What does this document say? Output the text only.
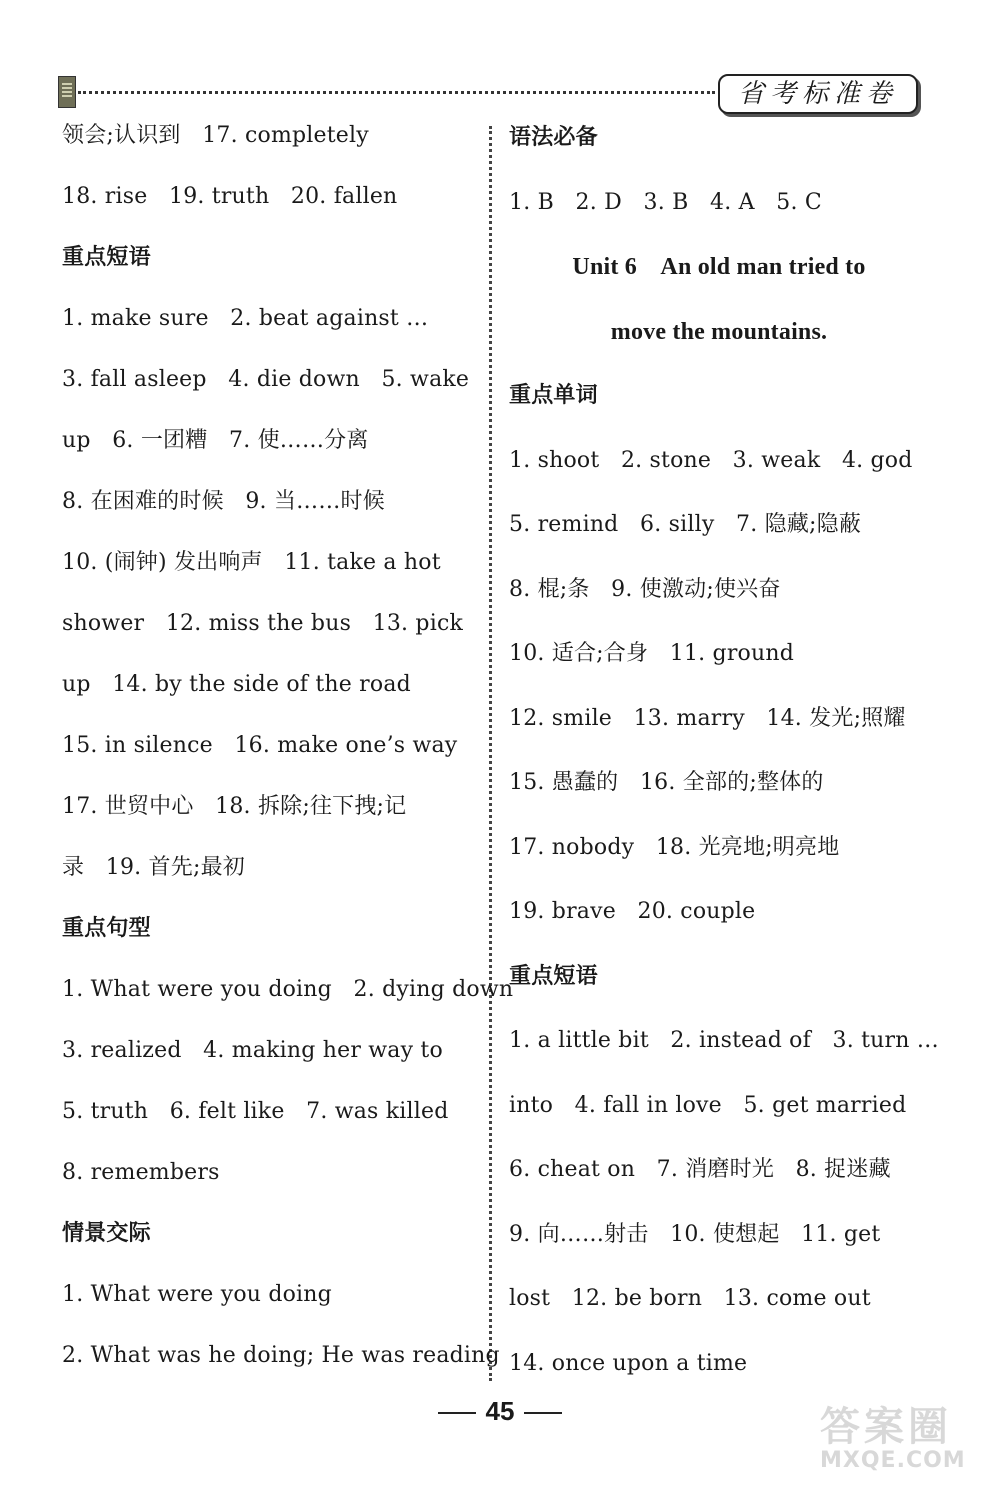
省考标准卷
领会;认识到   17. completely
18. rise   19. truth   20. fallen
重点短语
1. make sure   2. beat against …
3. fall asleep   4. die down   5. wake
up   6. 一团糟   7. 使……分离
8. 在困难的时候   9. 当……时候
10. (闹钟) 发出响声   11. take a hot
shower   12. miss the bus   13. pick
up   14. by the side of the road
15. in silence   16. make one’s way
17. 世贸中心   18. 拆除;往下拽;记
录   19. 首先;最初
重点句型
1. What were you doing   2. dying down
3. realized   4. making her way to
5. truth   6. felt like   7. was killed
8. remembers
情景交际
1. What were you doing
2. What was he doing; He was reading
语法必备
1. B   2. D   3. B   4. A   5. C
Unit 6    An old man tried to
move the mountains.
重点单词
1. shoot   2. stone   3. weak   4. god
5. remind   6. silly   7. 隐藏;隐蔽
8. 棍;条   9. 使激动;使兴奋
10. 适合;合身   11. ground
12. smile   13. marry   14. 发光;照耀
15. 愚蠢的   16. 全部的;整体的
17. nobody   18. 光亮地;明亮地
19. brave   20. couple
重点短语
1. a little bit   2. instead of   3. turn …
into   4. fall in love   5. get married
6. cheat on   7. 消磨时光   8. 捉迷藏
9. 向……射击   10. 使想起   11. get
lost   12. be born   13. come out
14. once upon a time
45	答案圈
MXQE.COM
